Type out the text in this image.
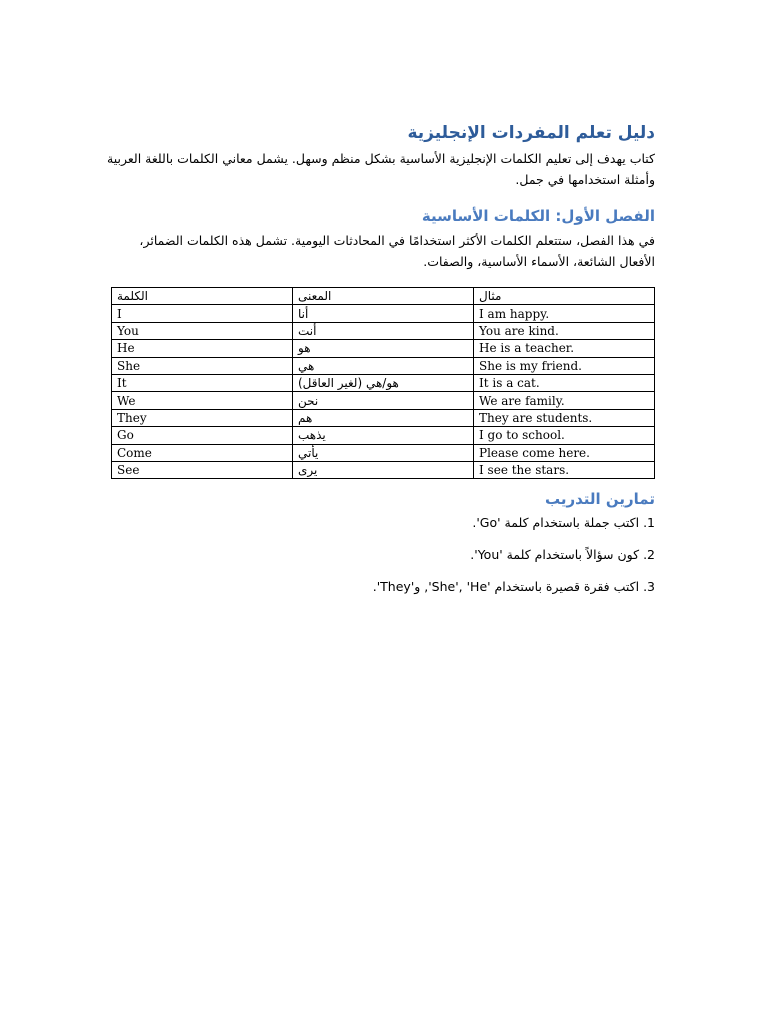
دليل تعلم المفردات الإنجليزية

كتاب يهدف إلى تعليم الكلمات الإنجليزية الأساسية بشكل منظم وسهل. يشمل معاني الكلمات باللغة العربية وأمثلة استخدامها في جمل.

الفصل الأول: الكلمات الأساسية

في هذا الفصل، ستتعلم الكلمات الأكثر استخدامًا في المحادثات اليومية. تشمل هذه الكلمات الضمائر، الأفعال الشائعة، الأسماء الأساسية، والصفات.

الكلمة	المعنى	مثال
I	أنا	I am happy.
You	أنت	You are kind.
He	هو	He is a teacher.
She	هي	She is my friend.
It	هو/هي (لغير العاقل)	It is a cat.
We	نحن	We are family.
They	هم	They are students.
Go	يذهب	I go to school.
Come	يأتي	Please come here.
See	يرى	I see the stars.
تمارين التدريب
1. اكتب جملة باستخدام كلمة 'Go'.
2. كون سؤالاً باستخدام كلمة 'You'.
3. اكتب فقرة قصيرة باستخدام 'She', 'He', و'They'.
